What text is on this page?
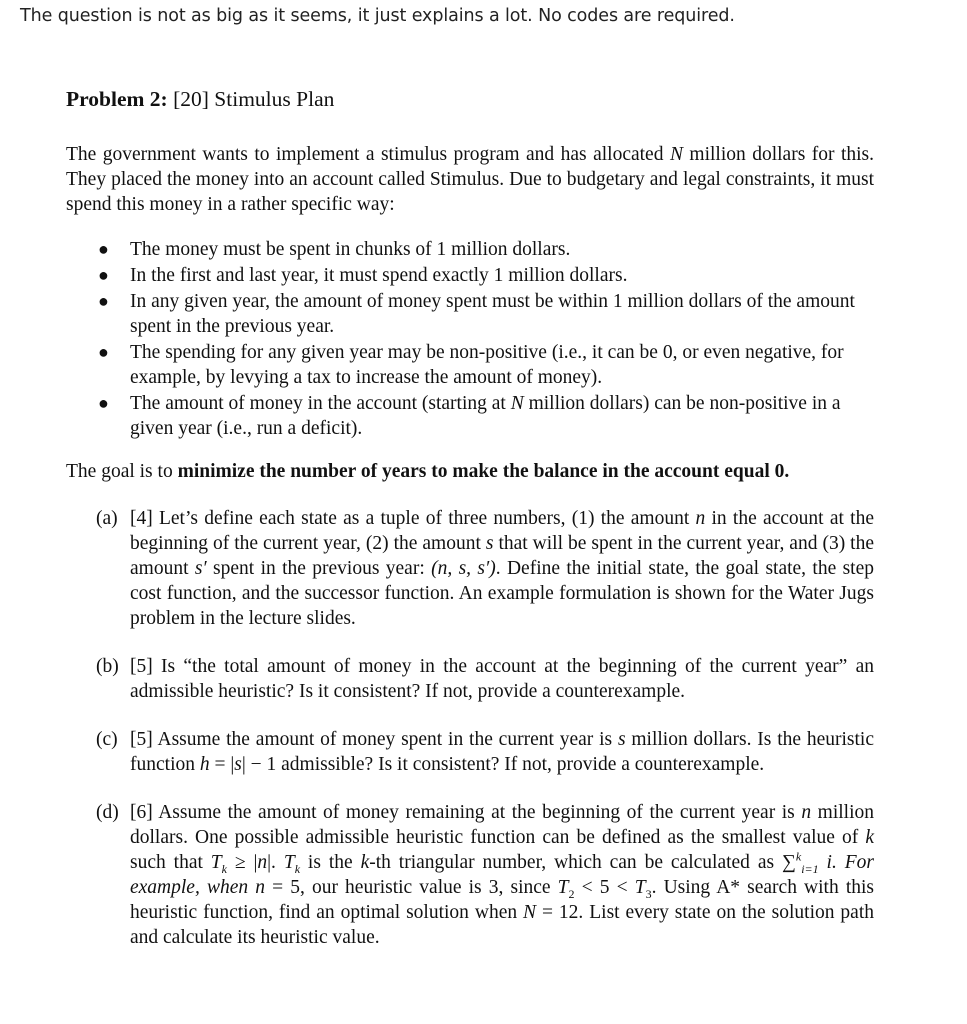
The question is not as big as it seems, it just explains a lot. No codes are required.
Problem 2: [20] Stimulus Plan

The government wants to implement a stimulus program and has allocated N million dollars for this. They placed the money into an account called Stimulus. Due to budgetary and legal constraints, it must spend this money in a rather specific way:

● The money must be spent in chunks of 1 million dollars.
● In the first and last year, it must spend exactly 1 million dollars.
● In any given year, the amount of money spent must be within 1 million dollars of the amount spent in the previous year.
● The spending for any given year may be non-positive (i.e., it can be 0, or even negative, for example, by levying a tax to increase the amount of money).
● The amount of money in the account (starting at N million dollars) can be non-positive in a given year (i.e., run a deficit).

The goal is to minimize the number of years to make the balance in the account equal 0.

(a) [4] Let’s define each state as a tuple of three numbers, (1) the amount n in the account at the beginning of the current year, (2) the amount s that will be spent in the current year, and (3) the amount s′ spent in the previous year: (n, s, s′). Define the initial state, the goal state, the step cost function, and the successor function. An example formulation is shown for the Water Jugs problem in the lecture slides.
(b) [5] Is “the total amount of money in the account at the beginning of the current year” an admissible heuristic? Is it consistent? If not, provide a counterexample.
(c) [5] Assume the amount of money spent in the current year is s million dollars. Is the heuristic function h = |s| − 1 admissible? Is it consistent? If not, provide a counterexample.
(d) [6] Assume the amount of money remaining at the beginning of the current year is n million dollars. One possible admissible heuristic function can be defined as the smallest value of k such that $T_k \ge |n|$. $T_k$ is the k-th triangular number, which can be calculated as ∑$^k_{i=1}$ i. For example, when n = 5, our heuristic value is 3, since $T_2 < 5 < T_3$. Using A* search with this heuristic function, find an optimal solution when N = 12. List every state on the solution path and calculate its heuristic value.
